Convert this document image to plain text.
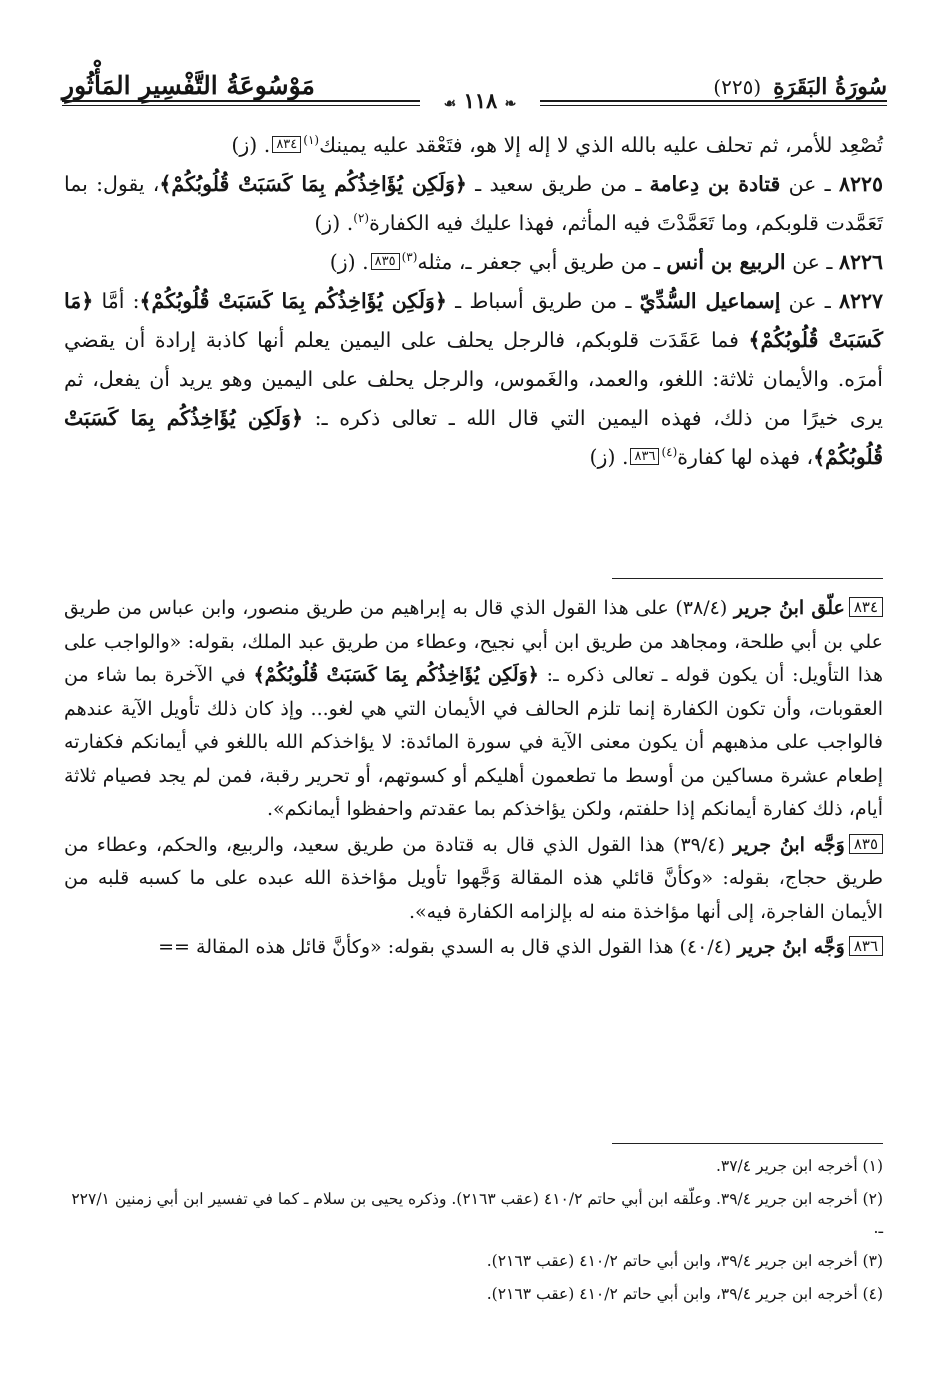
سُورَةُ البَقَرَةِ
(٢٢٥)
مَوْسُوعَةُ التَّفْسِيرِ المَأْثُورِ
❧ ١١٨ ☙

تُصْعِد للأمر، ثم تحلف عليه بالله الذي لا إله إلا هو، فتَعْقد عليه يمينك$^{(١)}$٨٣٤. (ز)

٨٢٢٥ ـ عن قتادة بن دِعامة ـ من طريق سعيد ـ ﴿وَلَكِن يُؤَاخِذُكُم بِمَا كَسَبَتْ قُلُوبُكُمْ﴾، يقول: بما تَعَمَّدت قلوبكم، وما تَعَمَّدْتَ فيه المأثم، فهذا عليك فيه الكفارة$^{(٢)}$. (ز)

٨٢٢٦ ـ عن الربيع بن أنس ـ من طريق أبي جعفر ـ، مثله$^{(٣)}$٨٣٥. (ز)

٨٢٢٧ ـ عن إسماعيل السُّدِّيّ ـ من طريق أسباط ـ ﴿وَلَكِن يُؤَاخِذُكُم بِمَا كَسَبَتْ قُلُوبُكُمْ﴾: أمَّا ﴿مَا كَسَبَتْ قُلُوبُكُمْ﴾ فما عَقَدَت قلوبكم، فالرجل يحلف على اليمين يعلم أنها كاذبة إرادة أن يقضي أمرَه. والأيمان ثلاثة: اللغو، والعمد، والغَموس، والرجل يحلف على اليمين وهو يريد أن يفعل، ثم يرى خيرًا من ذلك، فهذه اليمين التي قال الله ـ تعالى ذكره ـ: ﴿وَلَكِن يُؤَاخِذُكُم بِمَا كَسَبَتْ قُلُوبُكُمْ﴾، فهذه لها كفارة$^{(٤)}$٨٣٦. (ز)

٨٣٤علّق ابنُ جرير (٣٨/٤) على هذا القول الذي قال به إبراهيم من طريق منصور، وابن عباس من طريق علي بن أبي طلحة، ومجاهد من طريق ابن أبي نجيح، وعطاء من طريق عبد الملك، بقوله: «والواجب على هذا التأويل: أن يكون قوله ـ تعالى ذكره ـ: ﴿وَلَكِن يُؤَاخِذُكُم بِمَا كَسَبَتْ قُلُوبُكُمْ﴾ في الآخرة بما شاء من العقوبات، وأن تكون الكفارة إنما تلزم الحالف في الأيمان التي هي لغو... وإذ كان ذلك تأويل الآية عندهم فالواجب على مذهبهم أن يكون معنى الآية في سورة المائدة: لا يؤاخذكم الله باللغو في أيمانكم فكفارته إطعام عشرة مساكين من أوسط ما تطعمون أهليكم أو كسوتهم، أو تحرير رقبة، فمن لم يجد فصيام ثلاثة أيام، ذلك كفارة أيمانكم إذا حلفتم، ولكن يؤاخذكم بما عقدتم واحفظوا أيمانكم».

٨٣٥وَجَّه ابنُ جرير (٣٩/٤) هذا القول الذي قال به قتادة من طريق سعيد، والربيع، والحكم، وعطاء من طريق حجاج، بقوله: «وكأنَّ قائلي هذه المقالة وَجَّهوا تأويل مؤاخذة الله عبده على ما كسبه قلبه من الأيمان الفاجرة، إلى أنها مؤاخذة منه له بإلزامه الكفارة فيه».

٨٣٦وَجَّه ابنُ جرير (٤٠/٤) هذا القول الذي قال به السدي بقوله: «وكأنَّ قائل هذه المقالة ==

(١) أخرجه ابن جرير ٣٧/٤.

(٢) أخرجه ابن جرير ٣٩/٤. وعلّقه ابن أبي حاتم ٤١٠/٢ (عقب ٢١٦٣). وذكره يحيى بن سلام ـ كما في تفسير ابن أبي زمنين ٢٢٧/١ ـ.

(٣) أخرجه ابن جرير ٣٩/٤، وابن أبي حاتم ٤١٠/٢ (عقب ٢١٦٣).

(٤) أخرجه ابن جرير ٣٩/٤، وابن أبي حاتم ٤١٠/٢ (عقب ٢١٦٣).
